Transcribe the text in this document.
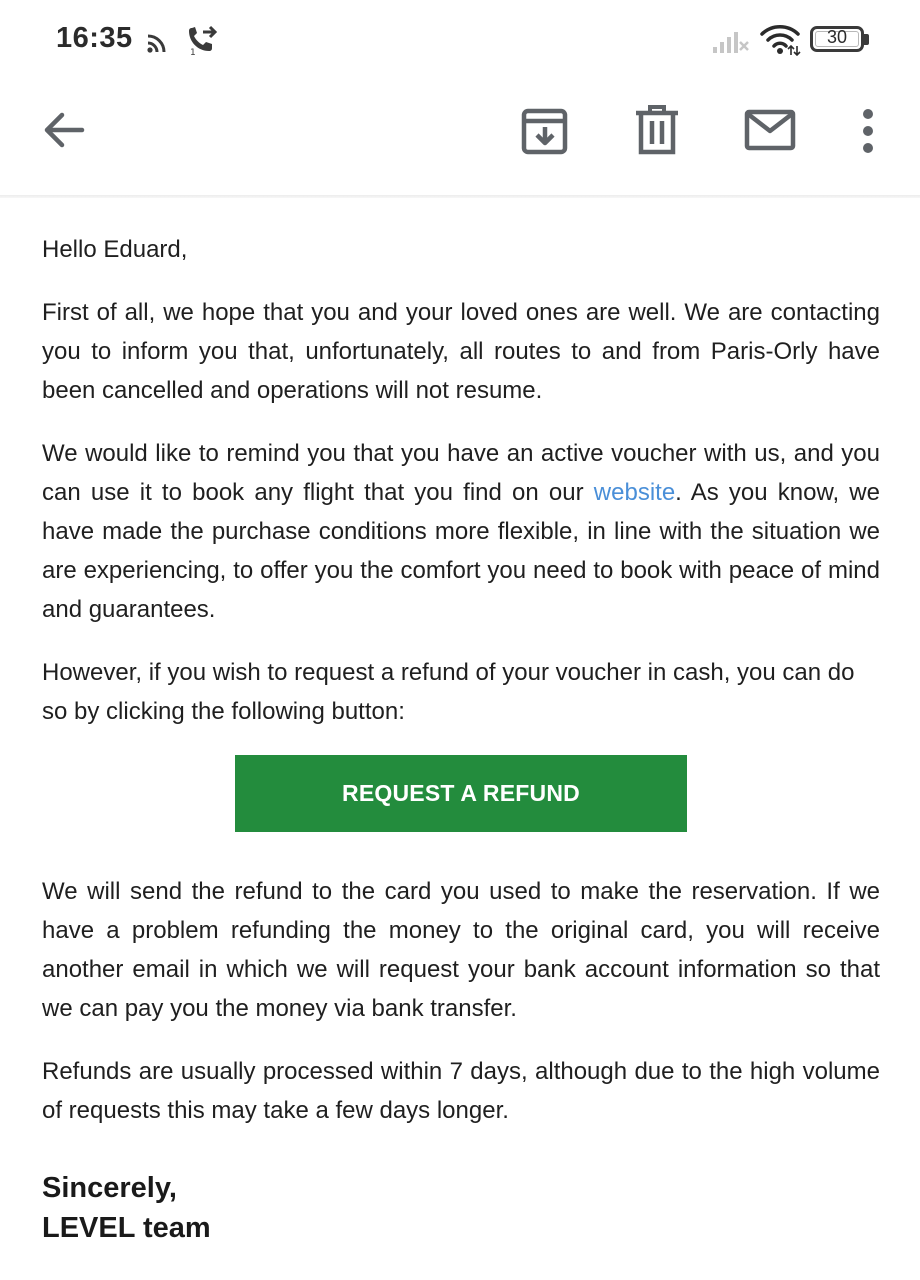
16:35	1
30

Hello Eduard,

First of all, we hope that you and your loved ones are well. We are contacting you to inform you that, unfortunately, all routes to and from Paris-Orly have been cancelled and operations will not resume.

We would like to remind you that you have an active voucher with us, and you can use it to book any flight that you find on our website. As you know, we have made the purchase conditions more flexible, in line with the situation we are experiencing, to offer you the comfort you need to book with peace of mind and guarantees.

However, if you wish to request a refund of your voucher in cash, you can do so by clicking the following button:

REQUEST A REFUND

We will send the refund to the card you used to make the reservation. If we have a problem refunding the money to the original card, you will receive another email in which we will request your bank account information so that we can pay you the money via bank transfer.

Refunds are usually processed within 7 days, although due to the high volume of requests this may take a few days longer.

Sincerely,
LEVEL team
